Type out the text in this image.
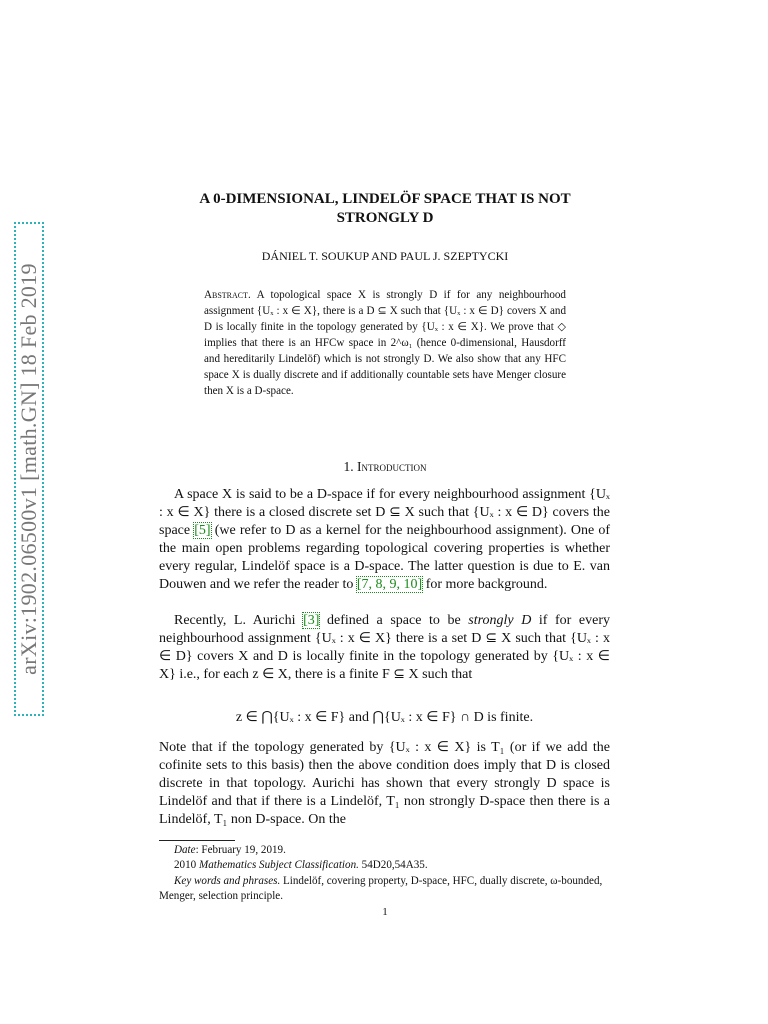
arXiv:1902.06500v1 [math.GN] 18 Feb 2019
A 0-DIMENSIONAL, LINDELÖF SPACE THAT IS NOT
STRONGLY D
DÁNIEL T. SOUKUP AND PAUL J. SZEPTYCKI
Abstract. A topological space X is strongly D if for any neighbourhood assignment {Uₓ : x ∈ X}, there is a D ⊆ X such that {Uₓ : x ∈ D} covers X and D is locally finite in the topology generated by {Uₓ : x ∈ X}. We prove that ◇ implies that there is an HFCw space in 2^ω₁ (hence 0-dimensional, Hausdorff and hereditarily Lindelöf) which is not strongly D. We also show that any HFC space X is dually discrete and if additionally countable sets have Menger closure then X is a D-space.
1. Introduction
A space X is said to be a D-space if for every neighbourhood assignment {Uₓ : x ∈ X} there is a closed discrete set D ⊆ X such that {Uₓ : x ∈ D} covers the space [5] (we refer to D as a kernel for the neighbourhood assignment). One of the main open problems regarding topological covering properties is whether every regular, Lindelöf space is a D-space. The latter question is due to E. van Douwen and we refer the reader to [7, 8, 9, 10] for more background.
Recently, L. Aurichi [3] defined a space to be strongly D if for every neighbourhood assignment {Uₓ : x ∈ X} there is a set D ⊆ X such that {Uₓ : x ∈ D} covers X and D is locally finite in the topology generated by {Uₓ : x ∈ X} i.e., for each z ∈ X, there is a finite F ⊆ X such that
z ∈ ⋂{Uₓ : x ∈ F} and ⋂{Uₓ : x ∈ F} ∩ D is finite.
Note that if the topology generated by {Uₓ : x ∈ X} is T₁ (or if we add the cofinite sets to this basis) then the above condition does imply that D is closed discrete in that topology. Aurichi has shown that every strongly D space is Lindelöf and that if there is a Lindelöf, T₁ non strongly D-space then there is a Lindelöf, T₁ non D-space. On the
Date: February 19, 2019.
2010 Mathematics Subject Classification. 54D20,54A35.
Key words and phrases. Lindelöf, covering property, D-space, HFC, dually discrete, ω-bounded, Menger, selection principle.
1
